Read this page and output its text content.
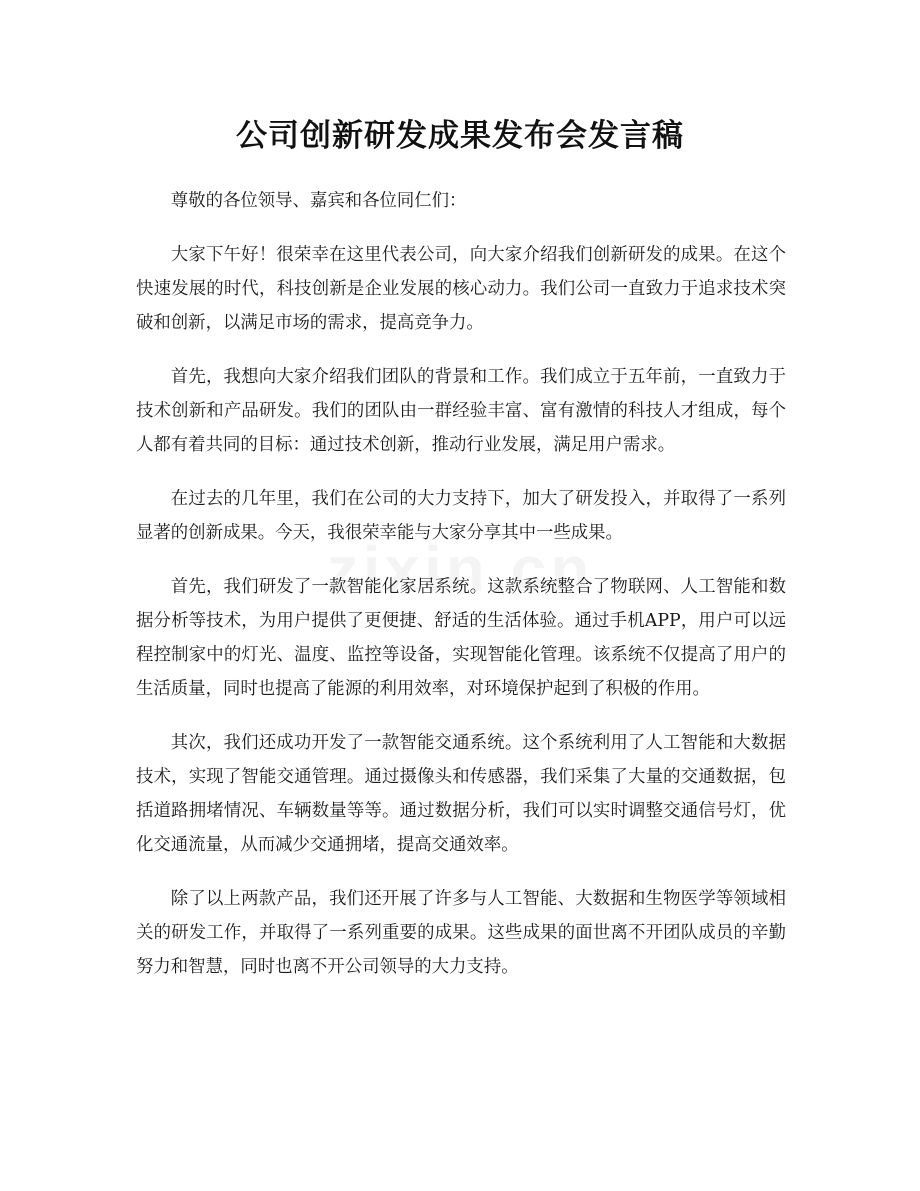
公司创新研发成果发布会发言稿

尊敬的各位领导、嘉宾和各位同仁们：

大家下午好！很荣幸在这里代表公司，向大家介绍我们创新研发的成果。在这个快速发展的时代，科技创新是企业发展的核心动力。我们公司一直致力于追求技术突破和创新，以满足市场的需求，提高竞争力。

首先，我想向大家介绍我们团队的背景和工作。我们成立于五年前，一直致力于技术创新和产品研发。我们的团队由一群经验丰富、富有激情的科技人才组成，每个人都有着共同的目标：通过技术创新，推动行业发展，满足用户需求。

在过去的几年里，我们在公司的大力支持下，加大了研发投入，并取得了一系列显著的创新成果。今天，我很荣幸能与大家分享其中一些成果。

首先，我们研发了一款智能化家居系统。这款系统整合了物联网、人工智能和数据分析等技术，为用户提供了更便捷、舒适的生活体验。通过手机APP，用户可以远程控制家中的灯光、温度、监控等设备，实现智能化管理。该系统不仅提高了用户的生活质量，同时也提高了能源的利用效率，对环境保护起到了积极的作用。

其次，我们还成功开发了一款智能交通系统。这个系统利用了人工智能和大数据技术，实现了智能交通管理。通过摄像头和传感器，我们采集了大量的交通数据，包括道路拥堵情况、车辆数量等等。通过数据分析，我们可以实时调整交通信号灯，优化交通流量，从而减少交通拥堵，提高交通效率。

除了以上两款产品，我们还开展了许多与人工智能、大数据和生物医学等领域相关的研发工作，并取得了一系列重要的成果。这些成果的面世离不开团队成员的辛勤努力和智慧，同时也离不开公司领导的大力支持。
